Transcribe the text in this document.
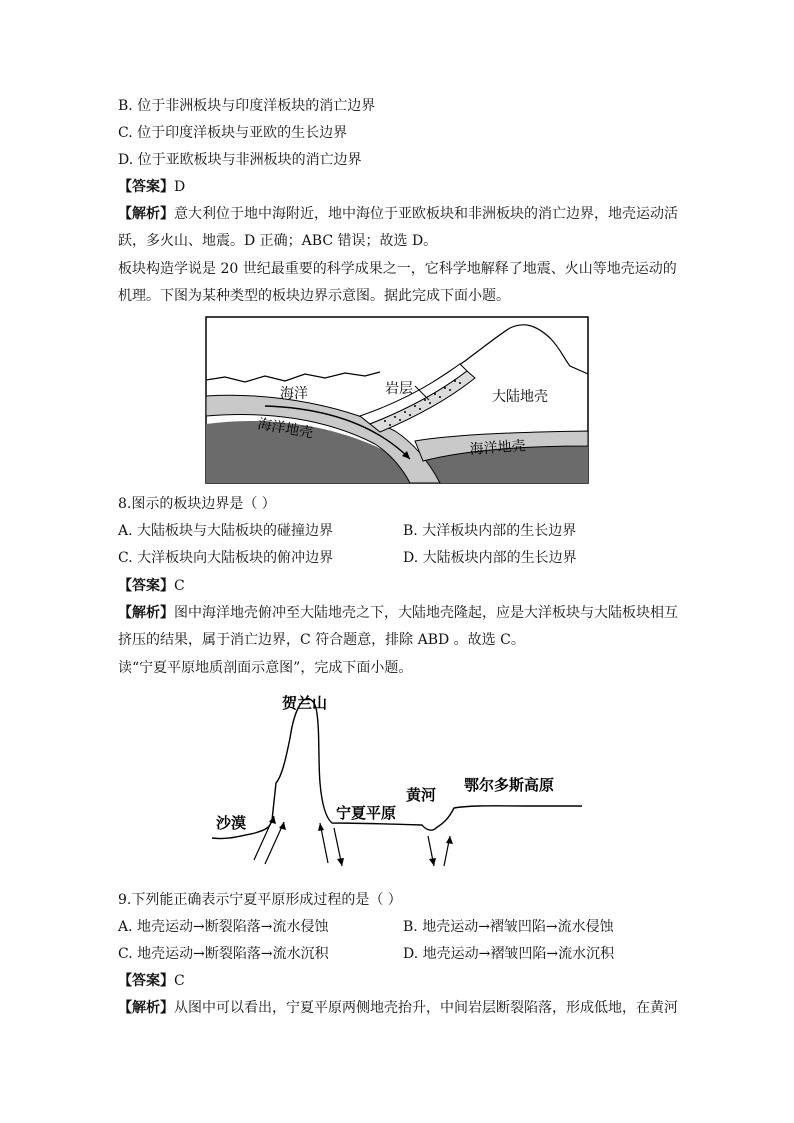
B. 位于非洲板块与印度洋板块的消亡边界
C. 位于印度洋板块与亚欧的生长边界
D. 位于亚欧板块与非洲板块的消亡边界
【答案】D
【解析】意大利位于地中海附近，地中海位于亚欧板块和非洲板块的消亡边界，地壳运动活
跃，多火山、地震。D 正确；ABC 错误；故选 D。
板块构造学说是 20 世纪最重要的科学成果之一，它科学地解释了地震、火山等地壳运动的
机理。下图为某种类型的板块边界示意图。据此完成下面小题。
海洋	岩层	大陆地壳
海洋地壳
海洋地壳
8.图示的板块边界是（ ）
A. 大陆板块与大陆板块的碰撞边界	B. 大洋板块内部的生长边界
C. 大洋板块向大陆板块的俯冲边界	D. 大陆板块内部的生长边界
【答案】C
【解析】图中海洋地壳俯冲至大陆地壳之下，大陆地壳隆起，应是大洋板块与大陆板块相互
挤压的结果，属于消亡边界，C 符合题意，排除 ABD 。故选 C。
读“宁夏平原地质剖面示意图”，完成下面小题。
贺兰山
沙漠
宁夏平原
黄河
鄂尔多斯高原
9.下列能正确表示宁夏平原形成过程的是（ ）
A. 地壳运动→断裂陷落→流水侵蚀	B. 地壳运动→褶皱凹陷→流水侵蚀
C. 地壳运动→断裂陷落→流水沉积	D. 地壳运动→褶皱凹陷→流水沉积
【答案】C
【解析】从图中可以看出，宁夏平原两侧地壳抬升，中间岩层断裂陷落，形成低地，在黄河
